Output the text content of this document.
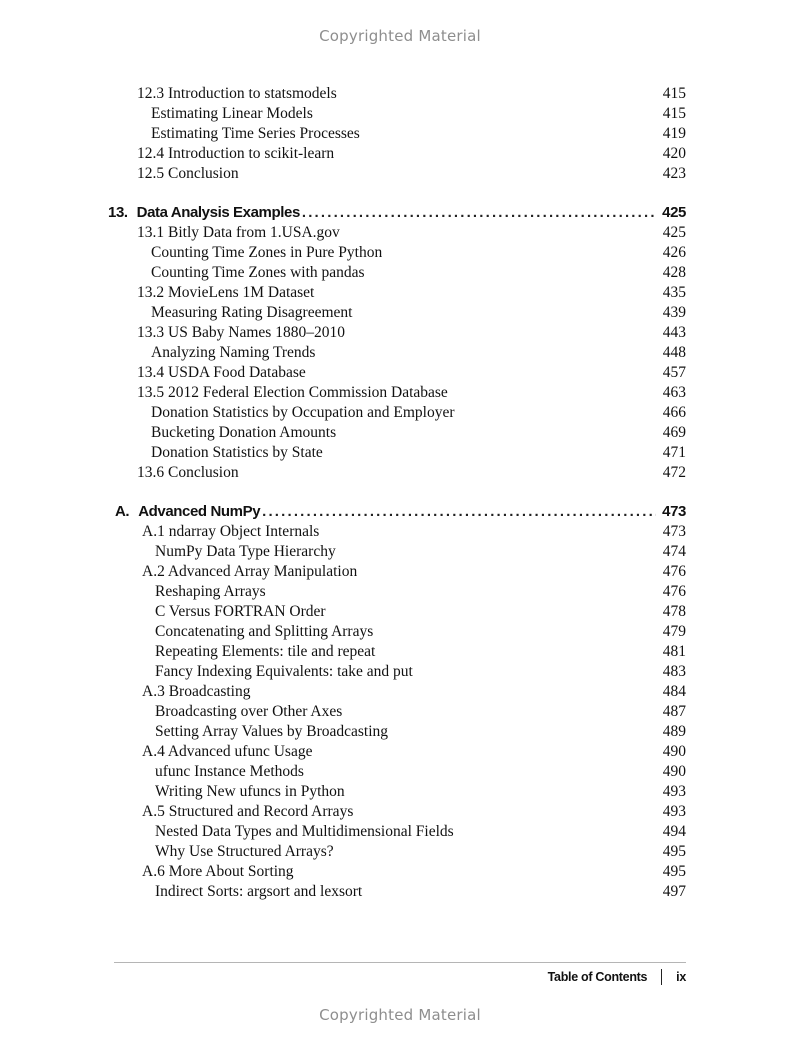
Copyrighted Material
12.3 Introduction to statsmodels	415
Estimating Linear Models	415
Estimating Time Series Processes	419
12.4 Introduction to scikit-learn	420
12.5 Conclusion	423
13. Data Analysis Examples . . .	425
13.1 Bitly Data from 1.USA.gov	425
Counting Time Zones in Pure Python	426
Counting Time Zones with pandas	428
13.2 MovieLens 1M Dataset	435
Measuring Rating Disagreement	439
13.3 US Baby Names 1880–2010	443
Analyzing Naming Trends	448
13.4 USDA Food Database	457
13.5 2012 Federal Election Commission Database	463
Donation Statistics by Occupation and Employer	466
Bucketing Donation Amounts	469
Donation Statistics by State	471
13.6 Conclusion	472
A. Advanced NumPy . . .	473
A.1 ndarray Object Internals	473
NumPy Data Type Hierarchy	474
A.2 Advanced Array Manipulation	476
Reshaping Arrays	476
C Versus FORTRAN Order	478
Concatenating and Splitting Arrays	479
Repeating Elements: tile and repeat	481
Fancy Indexing Equivalents: take and put	483
A.3 Broadcasting	484
Broadcasting over Other Axes	487
Setting Array Values by Broadcasting	489
A.4 Advanced ufunc Usage	490
ufunc Instance Methods	490
Writing New ufuncs in Python	493
A.5 Structured and Record Arrays	493
Nested Data Types and Multidimensional Fields	494
Why Use Structured Arrays?	495
A.6 More About Sorting	495
Indirect Sorts: argsort and lexsort	497
Table of Contents ix
Copyrighted Material
